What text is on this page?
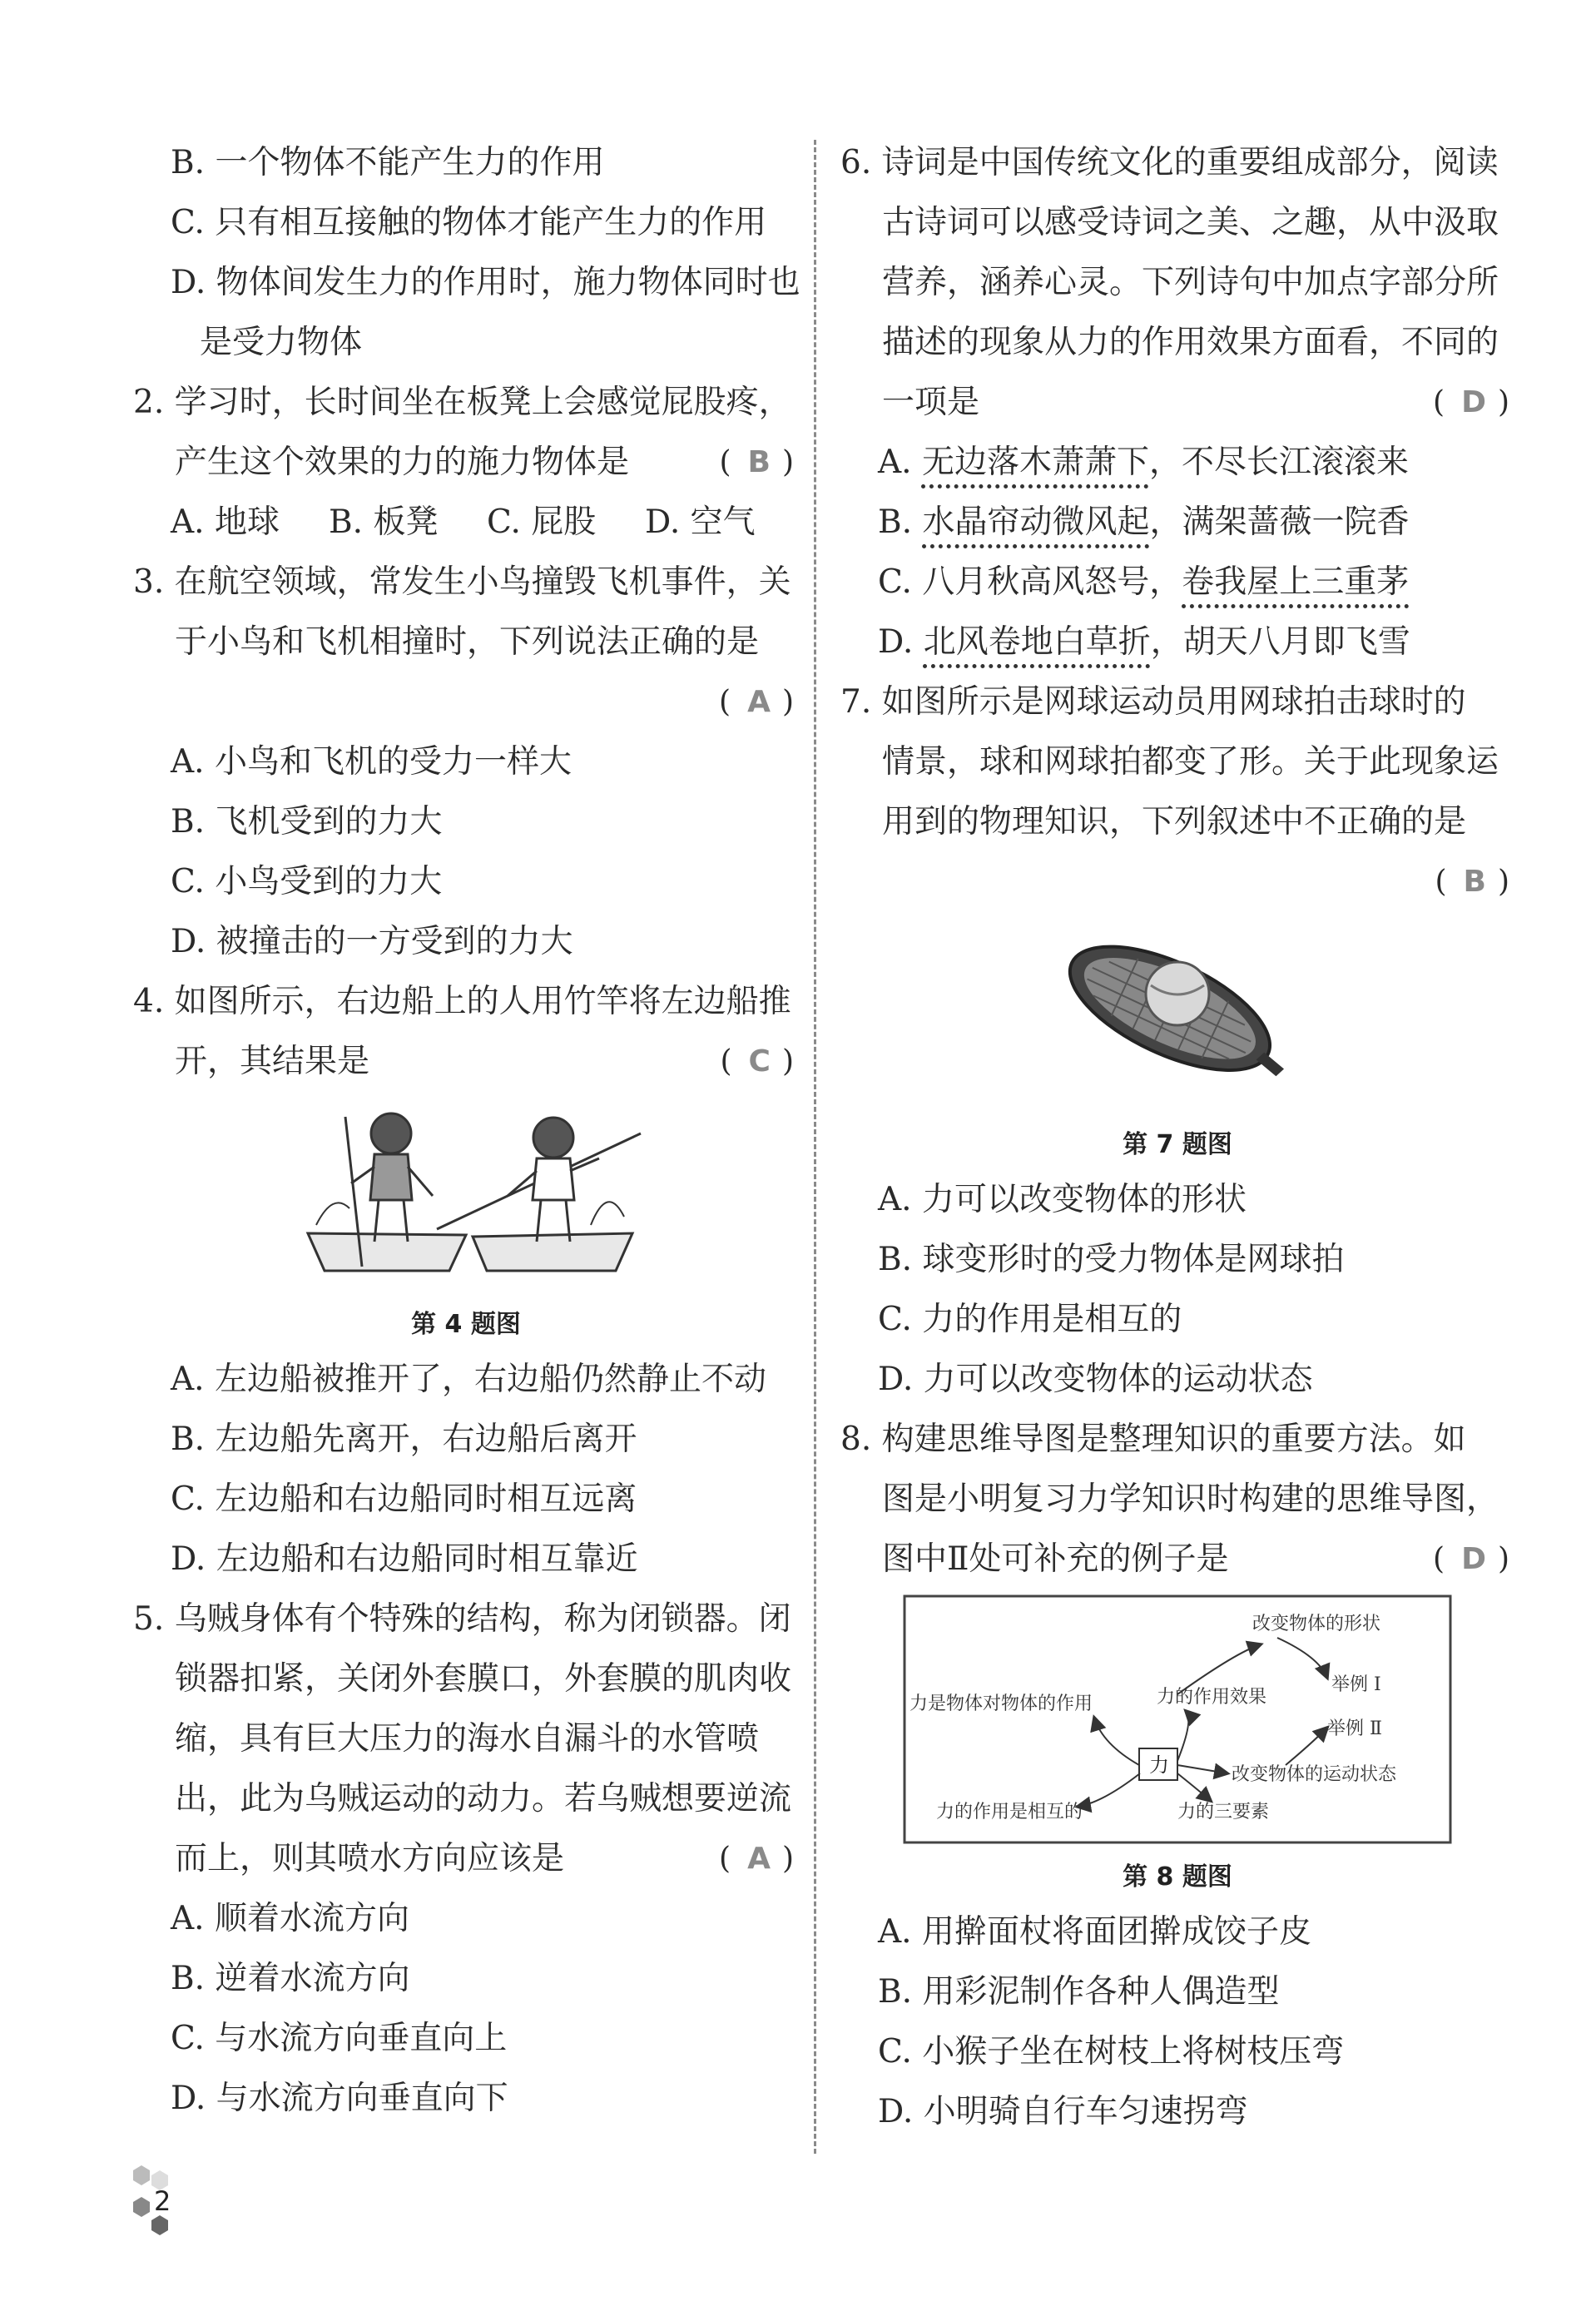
B. 一个物体不能产生力的作用
C. 只有相互接触的物体才能产生力的作用
D. 物体间发生力的作用时，施力物体同时也
是受力物体
2. 学习时，长时间坐在板凳上会感觉屁股疼，
产生这个效果的力的施力物体是	( B )
A. 地球 B. 板凳 C. 屁股 D. 空气
3. 在航空领域，常发生小鸟撞毁飞机事件，关
于小鸟和飞机相撞时，下列说法正确的是
( A )
A. 小鸟和飞机的受力一样大
B. 飞机受到的力大
C. 小鸟受到的力大
D. 被撞击的一方受到的力大
4. 如图所示，右边船上的人用竹竿将左边船推
开，其结果是	( C )
第 4 题图
A. 左边船被推开了，右边船仍然静止不动
B. 左边船先离开，右边船后离开
C. 左边船和右边船同时相互远离
D. 左边船和右边船同时相互靠近
5. 乌贼身体有个特殊的结构，称为闭锁器。闭
锁器扣紧，关闭外套膜口，外套膜的肌肉收
缩，具有巨大压力的海水自漏斗的水管喷
出，此为乌贼运动的动力。若乌贼想要逆流
而上，则其喷水方向应该是	( A )
A. 顺着水流方向
B. 逆着水流方向
C. 与水流方向垂直向上
D. 与水流方向垂直向下
6. 诗词是中国传统文化的重要组成部分，阅读
古诗词可以感受诗词之美、之趣，从中汲取
营养，涵养心灵。下列诗句中加点字部分所
描述的现象从力的作用效果方面看，不同的
一项是	( D )
A. 无边落木萧萧下，不尽长江滚滚来
B. 水晶帘动微风起，满架蔷薇一院香
C. 八月秋高风怒号，卷我屋上三重茅
D. 北风卷地白草折，胡天八月即飞雪
7. 如图所示是网球运动员用网球拍击球时的
情景，球和网球拍都变了形。关于此现象运
用到的物理知识，下列叙述中不正确的是
( B )
第 7 题图
A. 力可以改变物体的形状
B. 球变形时的受力物体是网球拍
C. 力的作用是相互的
D. 力可以改变物体的运动状态
8. 构建思维导图是整理知识的重要方法。如
图是小明复习力学知识时构建的思维导图，
图中Ⅱ处可补充的例子是	( D )
改变物体的形状
举例 Ⅰ
力是物体对物体的作用	力的作用效果
举例 Ⅱ
改变物体的运动状态
力的作用是相互的	力的三要素
力
第 8 题图
A. 用擀面杖将面团擀成饺子皮
B. 用彩泥制作各种人偶造型
C. 小猴子坐在树枝上将树枝压弯
D. 小明骑自行车匀速拐弯
2
